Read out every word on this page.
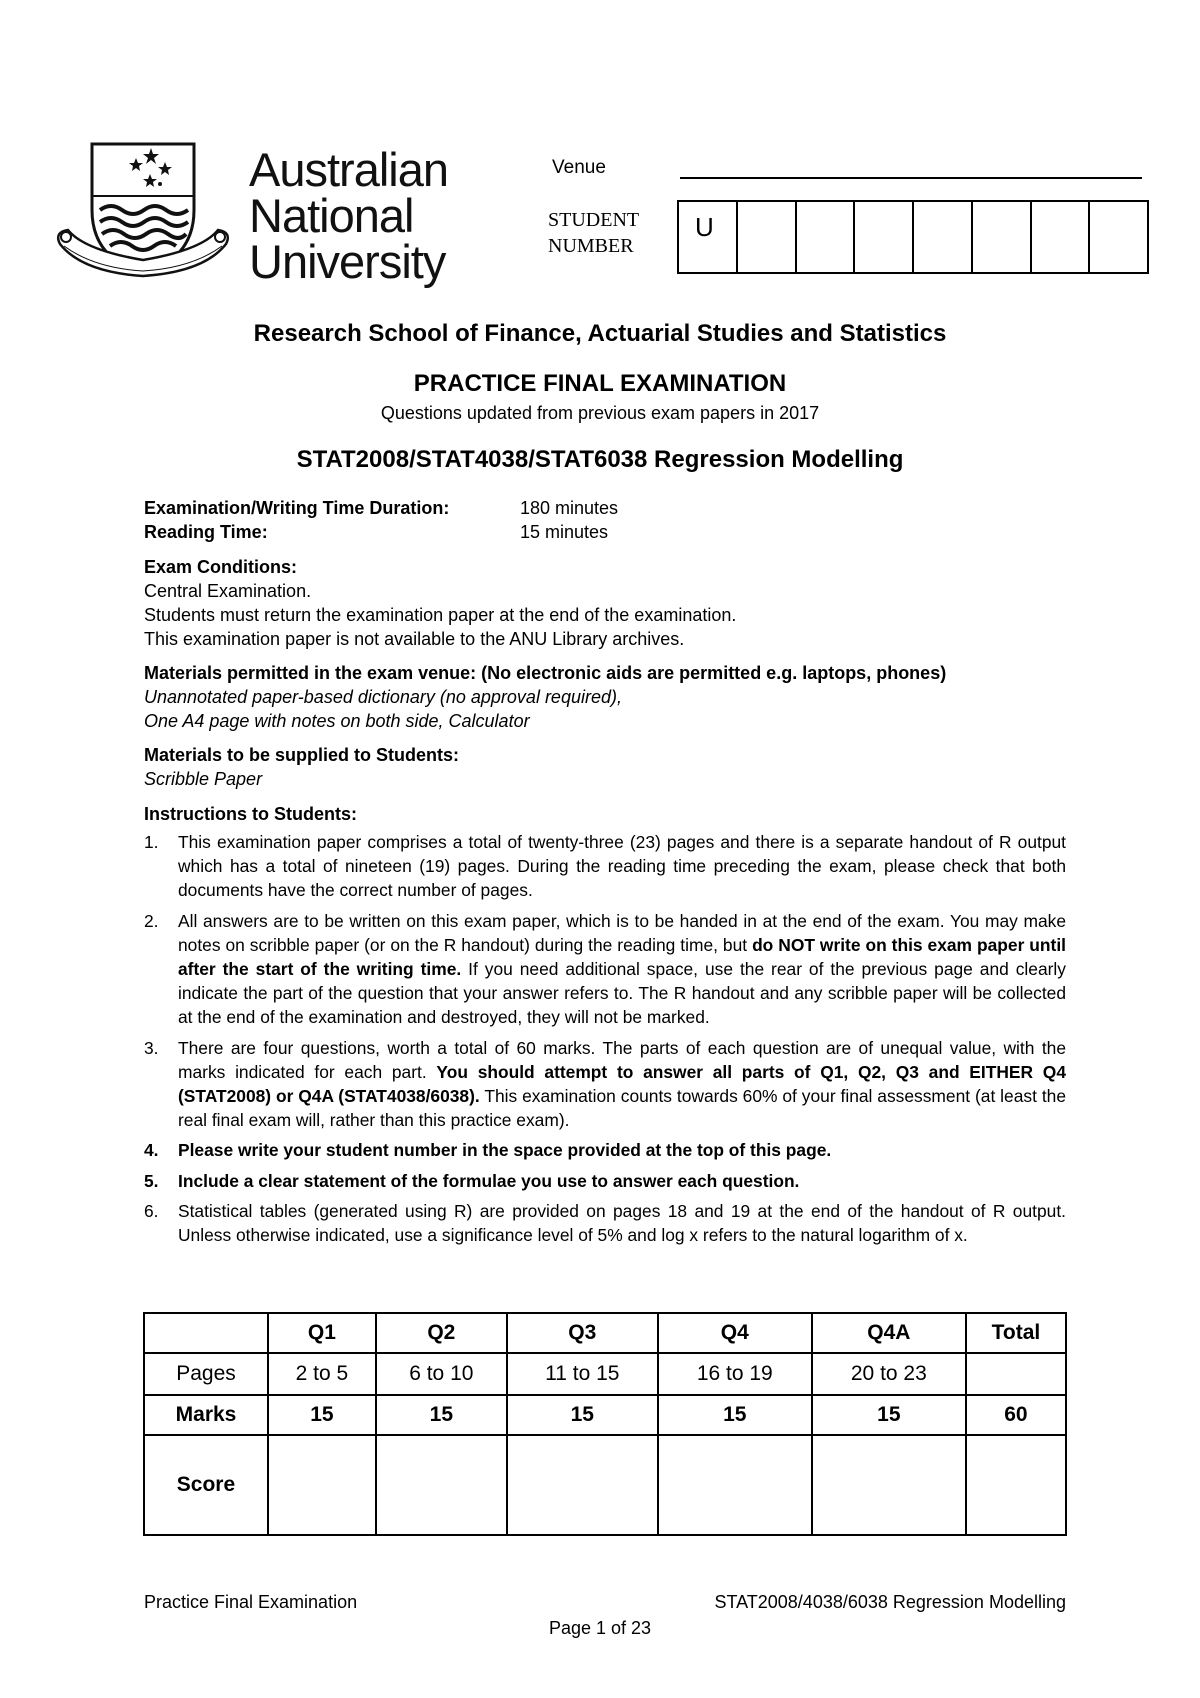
Australian
National
University
Venue
STUDENT
NUMBER
U
Research School of Finance, Actuarial Studies and Statistics
PRACTICE FINAL EXAMINATION
Questions updated from previous exam papers in 2017
STAT2008/STAT4038/STAT6038 Regression Modelling
Examination/Writing Time Duration:	180 minutes
Reading Time:	15 minutes
Exam Conditions:
Central Examination.
Students must return the examination paper at the end of the examination.
This examination paper is not available to the ANU Library archives.
Materials permitted in the exam venue: (No electronic aids are permitted e.g. laptops, phones)
Unannotated paper-based dictionary (no approval required),
One A4 page with notes on both side, Calculator
Materials to be supplied to Students:
Scribble Paper
Instructions to Students:
1. This examination paper comprises a total of twenty-three (23) pages and there is a separate handout of R output which has a total of nineteen (19) pages. During the reading time preceding the exam, please check that both documents have the correct number of pages.
2. All answers are to be written on this exam paper, which is to be handed in at the end of the exam. You may make notes on scribble paper (or on the R handout) during the reading time, but do NOT write on this exam paper until after the start of the writing time. If you need additional space, use the rear of the previous page and clearly indicate the part of the question that your answer refers to. The R handout and any scribble paper will be collected at the end of the examination and destroyed, they will not be marked.
3. There are four questions, worth a total of 60 marks. The parts of each question are of unequal value, with the marks indicated for each part. You should attempt to answer all parts of Q1, Q2, Q3 and EITHER Q4 (STAT2008) or Q4A (STAT4038/6038). This examination counts towards 60% of your final assessment (at least the real final exam will, rather than this practice exam).
4. Please write your student number in the space provided at the top of this page.
5. Include a clear statement of the formulae you use to answer each question.
6. Statistical tables (generated using R) are provided on pages 18 and 19 at the end of the handout of R output. Unless otherwise indicated, use a significance level of 5% and log x refers to the natural logarithm of x.
	Q1	Q2	Q3	Q4	Q4A	Total
Pages	2 to 5	6 to 10	11 to 15	16 to 19	20 to 23	
Marks	15	15	15	15	15	60
Score						
Practice Final Examination	STAT2008/4038/6038 Regression Modelling
Page 1 of 23
